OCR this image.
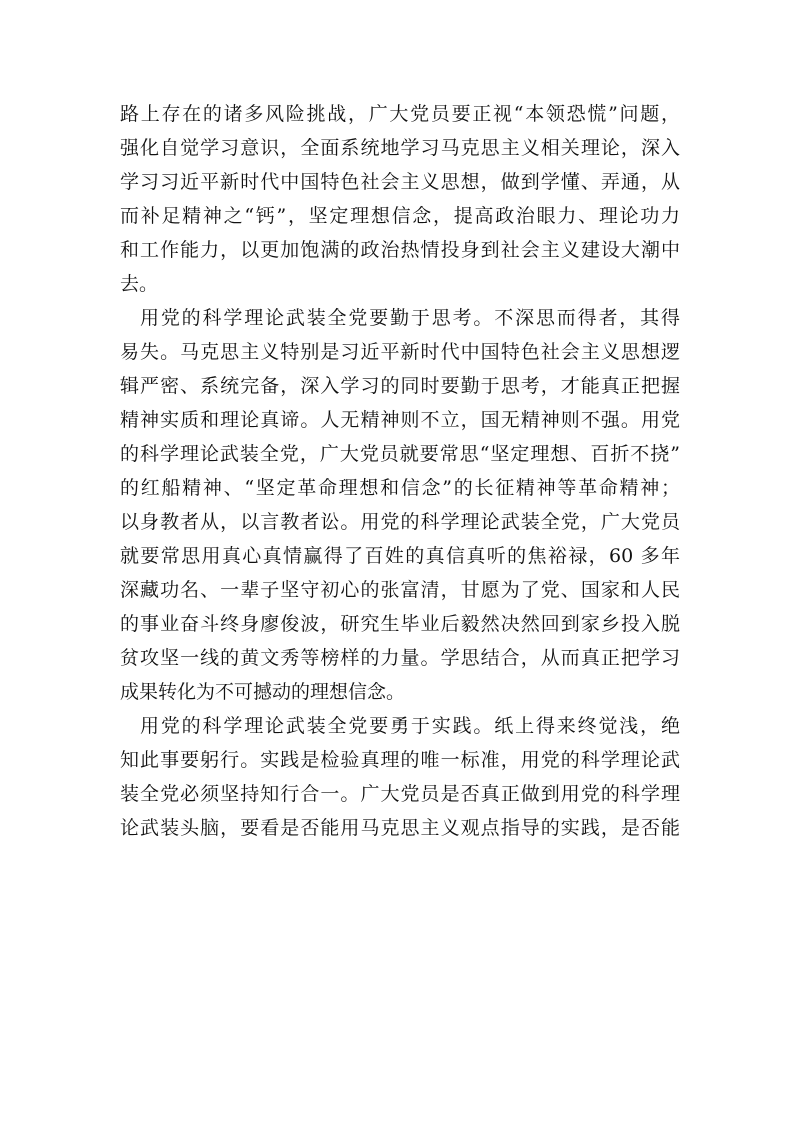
路上存在的诸多风险挑战，广大党员要正视“本领恐慌”问题，
强化自觉学习意识，全面系统地学习马克思主义相关理论，深入
学习习近平新时代中国特色社会主义思想，做到学懂、弄通，从
而补足精神之“钙”，坚定理想信念，提高政治眼力、理论功力
和工作能力，以更加饱满的政治热情投身到社会主义建设大潮中
去。
用党的科学理论武装全党要勤于思考。不深思而得者，其得
易失。马克思主义特别是习近平新时代中国特色社会主义思想逻
辑严密、系统完备，深入学习的同时要勤于思考，才能真正把握
精神实质和理论真谛。人无精神则不立，国无精神则不强。用党
的科学理论武装全党，广大党员就要常思“坚定理想、百折不挠”
的红船精神、“坚定革命理想和信念”的长征精神等革命精神；
以身教者从，以言教者讼。用党的科学理论武装全党，广大党员
就要常思用真心真情赢得了百姓的真信真听的焦裕禄，60 多年
深藏功名、一辈子坚守初心的张富清，甘愿为了党、国家和人民
的事业奋斗终身廖俊波，研究生毕业后毅然决然回到家乡投入脱
贫攻坚一线的黄文秀等榜样的力量。学思结合，从而真正把学习
成果转化为不可撼动的理想信念。
用党的科学理论武装全党要勇于实践。纸上得来终觉浅，绝
知此事要躬行。实践是检验真理的唯一标准，用党的科学理论武
装全党必须坚持知行合一。广大党员是否真正做到用党的科学理
论武装头脑，要看是否能用马克思主义观点指导的实践，是否能
